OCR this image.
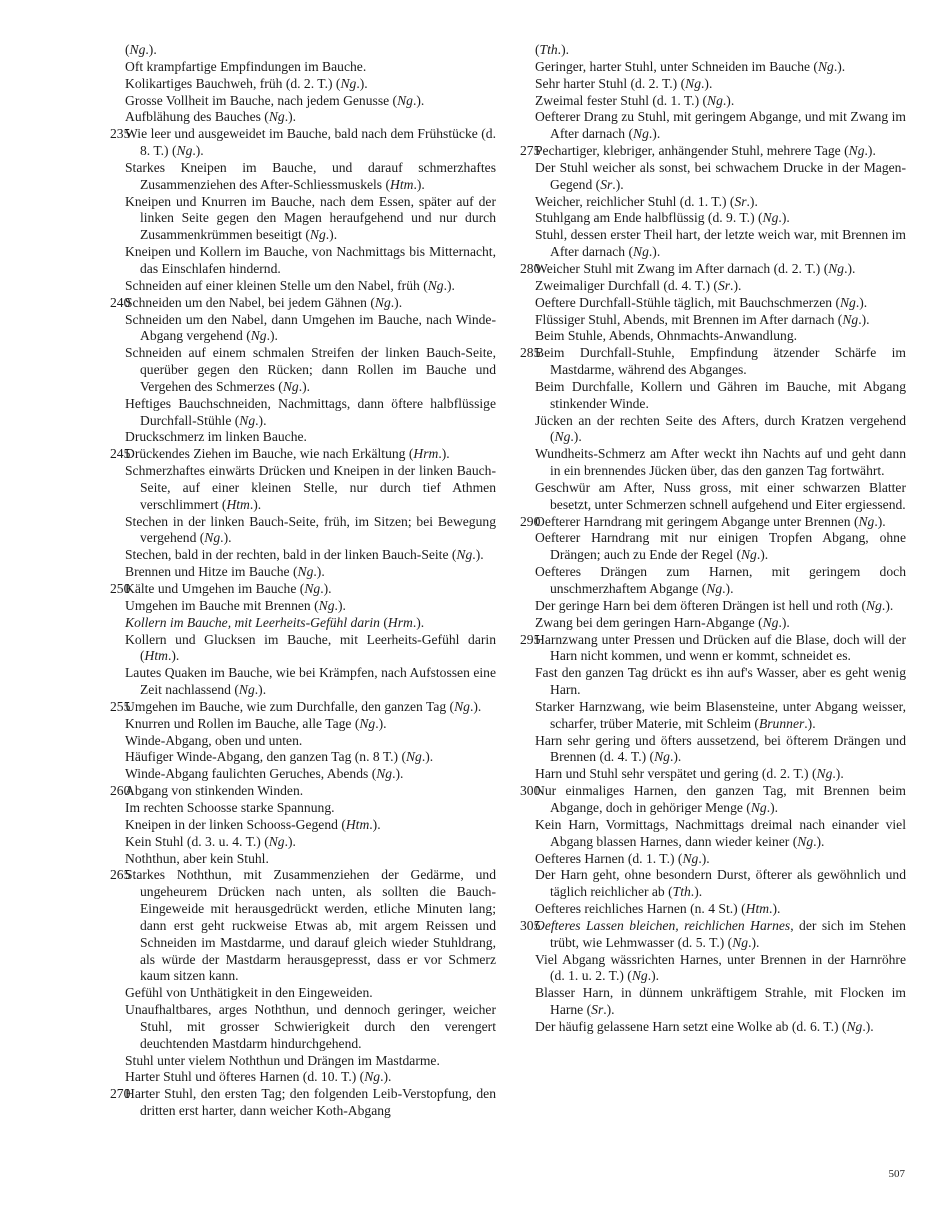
(Ng.).
Oft krampfartige Empfindungen im Bauche.
Kolikartiges Bauchweh, früh (d. 2. T.) (Ng.).
Grosse Vollheit im Bauche, nach jedem Genusse (Ng.).
Aufblähung des Bauches (Ng.).
235
Wie leer und ausgeweidet im Bauche, bald nach dem Frühstücke (d. 8. T.) (Ng.).
Starkes Kneipen im Bauche, und darauf schmerzhaftes Zusammenziehen des After-Schliessmuskels (Htm.).
Kneipen und Knurren im Bauche, nach dem Essen, später auf der linken Seite gegen den Magen heraufgehend und nur durch Zusammenkrümmen beseitigt (Ng.).
Kneipen und Kollern im Bauche, von Nachmittags bis Mitternacht, das Einschlafen hindernd.
Schneiden auf einer kleinen Stelle um den Nabel, früh (Ng.).
240
Schneiden um den Nabel, bei jedem Gähnen (Ng.).
Schneiden um den Nabel, dann Umgehen im Bauche, nach Winde-Abgang vergehend (Ng.).
Schneiden auf einem schmalen Streifen der linken Bauch-Seite, querüber gegen den Rücken; dann Rollen im Bauche und Vergehen des Schmerzes (Ng.).
Heftiges Bauchschneiden, Nachmittags, dann öftere halbflüssige Durchfall-Stühle (Ng.).
Druckschmerz im linken Bauche.
245
Drückendes Ziehen im Bauche, wie nach Erkältung (Hrm.).
Schmerzhaftes einwärts Drücken und Kneipen in der linken Bauch-Seite, auf einer kleinen Stelle, nur durch tief Athmen verschlimmert (Htm.).
Stechen in der linken Bauch-Seite, früh, im Sitzen; bei Bewegung vergehend (Ng.).
Stechen, bald in der rechten, bald in der linken Bauch-Seite (Ng.).
Brennen und Hitze im Bauche (Ng.).
250
Kälte und Umgehen im Bauche (Ng.).
Umgehen im Bauche mit Brennen (Ng.).
Kollern im Bauche, mit Leerheits-Gefühl darin (Hrm.).
Kollern und Glucksen im Bauche, mit Leerheits-Gefühl darin (Htm.).
Lautes Quaken im Bauche, wie bei Krämpfen, nach Aufstossen eine Zeit nachlassend (Ng.).
255
Umgehen im Bauche, wie zum Durchfalle, den ganzen Tag (Ng.).
Knurren und Rollen im Bauche, alle Tage (Ng.).
Winde-Abgang, oben und unten.
Häufiger Winde-Abgang, den ganzen Tag (n. 8 T.) (Ng.).
Winde-Abgang faulichten Geruches, Abends (Ng.).
260
Abgang von stinkenden Winden.
Im rechten Schoosse starke Spannung.
Kneipen in der linken Schooss-Gegend (Htm.).
Kein Stuhl (d. 3. u. 4. T.) (Ng.).
Noththun, aber kein Stuhl.
265
Starkes Noththun, mit Zusammenziehen der Gedärme, und ungeheurem Drücken nach unten, als sollten die Bauch-Eingeweide mit herausgedrückt werden, etliche Minuten lang; dann erst geht ruckweise Etwas ab, mit argem Reissen und Schneiden im Mastdarme, und darauf gleich wieder Stuhldrang, als würde der Mastdarm herausgepresst, dass er vor Schmerz kaum sitzen kann.
Gefühl von Unthätigkeit in den Eingeweiden.
Unaufhaltbares, arges Noththun, und dennoch geringer, weicher Stuhl, mit grosser Schwierigkeit durch den verengert deuchtenden Mastdarm hindurchgehend.
Stuhl unter vielem Noththun und Drängen im Mastdarme.
Harter Stuhl und öfteres Harnen (d. 10. T.) (Ng.).
270
Harter Stuhl, den ersten Tag; den folgenden Leib-Verstopfung, den dritten erst harter, dann weicher Koth-Abgang
(Tth.).
Geringer, harter Stuhl, unter Schneiden im Bauche (Ng.).
Sehr harter Stuhl (d. 2. T.) (Ng.).
Zweimal fester Stuhl (d. 1. T.) (Ng.).
Oefterer Drang zu Stuhl, mit geringem Abgange, und mit Zwang im After darnach (Ng.).
275
Pechartiger, klebriger, anhängender Stuhl, mehrere Tage (Ng.).
Der Stuhl weicher als sonst, bei schwachem Drucke in der Magen-Gegend (Sr.).
Weicher, reichlicher Stuhl (d. 1. T.) (Sr.).
Stuhlgang am Ende halbflüssig (d. 9. T.) (Ng.).
Stuhl, dessen erster Theil hart, der letzte weich war, mit Brennen im After darnach (Ng.).
280
Weicher Stuhl mit Zwang im After darnach (d. 2. T.) (Ng.).
Zweimaliger Durchfall (d. 4. T.) (Sr.).
Oeftere Durchfall-Stühle täglich, mit Bauchschmerzen (Ng.).
Flüssiger Stuhl, Abends, mit Brennen im After darnach (Ng.).
Beim Stuhle, Abends, Ohnmachts-Anwandlung.
285
Beim Durchfall-Stuhle, Empfindung ätzender Schärfe im Mastdarme, während des Abganges.
Beim Durchfalle, Kollern und Gähren im Bauche, mit Abgang stinkender Winde.
Jücken an der rechten Seite des Afters, durch Kratzen vergehend (Ng.).
Wundheits-Schmerz am After weckt ihn Nachts auf und geht dann in ein brennendes Jücken über, das den ganzen Tag fortwährt.
Geschwür am After, Nuss gross, mit einer schwarzen Blatter besetzt, unter Schmerzen schnell aufgehend und Eiter ergiessend.
290
Oefterer Harndrang mit geringem Abgange unter Brennen (Ng.).
Oefterer Harndrang mit nur einigen Tropfen Abgang, ohne Drängen; auch zu Ende der Regel (Ng.).
Oefteres Drängen zum Harnen, mit geringem doch unschmerzhaftem Abgange (Ng.).
Der geringe Harn bei dem öfteren Drängen ist hell und roth (Ng.).
Zwang bei dem geringen Harn-Abgange (Ng.).
295
Harnzwang unter Pressen und Drücken auf die Blase, doch will der Harn nicht kommen, und wenn er kommt, schneidet es.
Fast den ganzen Tag drückt es ihn auf's Wasser, aber es geht wenig Harn.
Starker Harnzwang, wie beim Blasensteine, unter Abgang weisser, scharfer, trüber Materie, mit Schleim (Brunner.).
Harn sehr gering und öfters aussetzend, bei öfterem Drängen und Brennen (d. 4. T.) (Ng.).
Harn und Stuhl sehr verspätet und gering (d. 2. T.) (Ng.).
300
Nur einmaliges Harnen, den ganzen Tag, mit Brennen beim Abgange, doch in gehöriger Menge (Ng.).
Kein Harn, Vormittags, Nachmittags dreimal nach einander viel Abgang blassen Harnes, dann wieder keiner (Ng.).
Oefteres Harnen (d. 1. T.) (Ng.).
Der Harn geht, ohne besondern Durst, öfterer als gewöhnlich und täglich reichlicher ab (Tth.).
Oefteres reichliches Harnen (n. 4 St.) (Htm.).
305
Oefteres Lassen bleichen, reichlichen Harnes, der sich im Stehen trübt, wie Lehmwasser (d. 5. T.) (Ng.).
Viel Abgang wässrichten Harnes, unter Brennen in der Harnröhre (d. 1. u. 2. T.) (Ng.).
Blasser Harn, in dünnem unkräftigem Strahle, mit Flocken im Harne (Sr.).
Der häufig gelassene Harn setzt eine Wolke ab (d. 6. T.) (Ng.).
507
